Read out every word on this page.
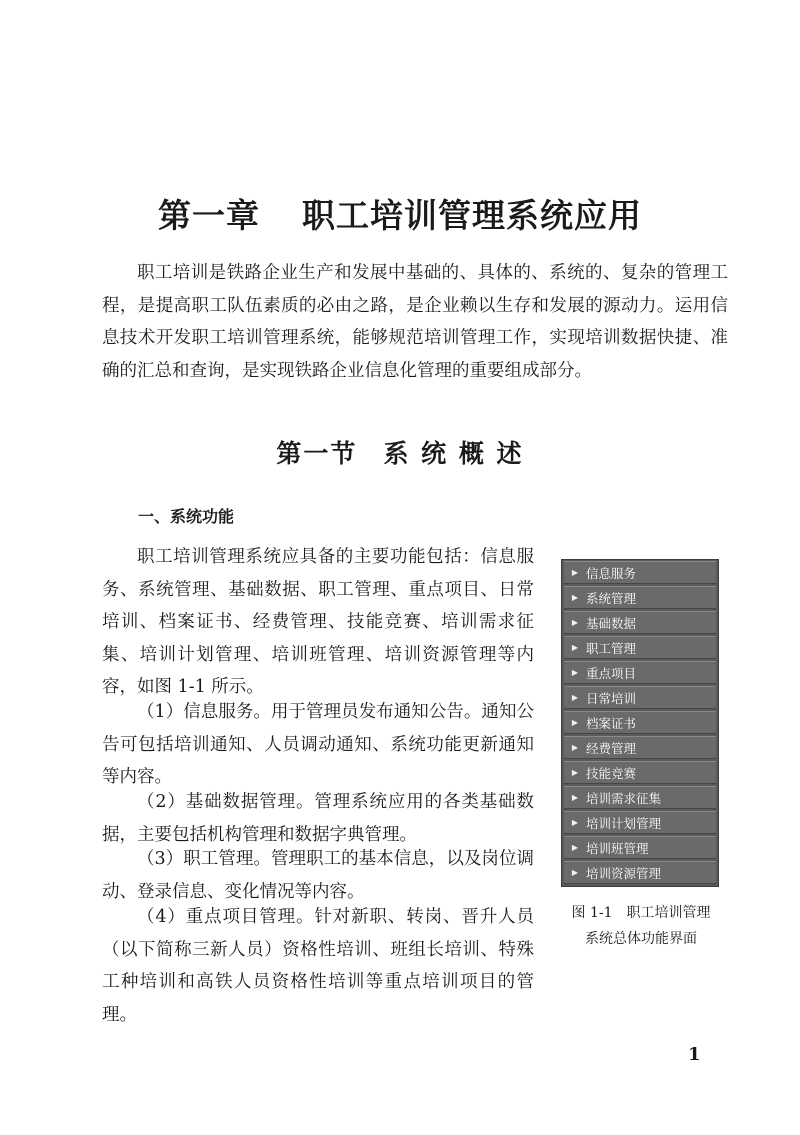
第一章 职工培训管理系统应用

职工培训是铁路企业生产和发展中基础的、具体的、系统的、复杂的管理工程，是提高职工队伍素质的必由之路，是企业赖以生存和发展的源动力。运用信息技术开发职工培训管理系统，能够规范培训管理工作，实现培训数据快捷、准确的汇总和查询，是实现铁路企业信息化管理的重要组成部分。

第一节 系 统 概 述
一、系统功能

职工培训管理系统应具备的主要功能包括：信息服务、系统管理、基础数据、职工管理、重点项目、日常培训、档案证书、经费管理、技能竞赛、培训需求征集、培训计划管理、培训班管理、培训资源管理等内容，如图 1-1 所示。

（1）信息服务。用于管理员发布通知公告。通知公告可包括培训通知、人员调动通知、系统功能更新通知等内容。

（2）基础数据管理。管理系统应用的各类基础数据，主要包括机构管理和数据字典管理。

（3）职工管理。管理职工的基本信息，以及岗位调动、登录信息、变化情况等内容。

（4）重点项目管理。针对新职、转岗、晋升人员（以下简称三新人员）资格性培训、班组长培训、特殊工种培训和高铁人员资格性培训等重点培训项目的管理。

▶ 信息服务
▶ 系统管理
▶ 基础数据
▶ 职工管理
▶ 重点项目
▶ 日常培训
▶ 档案证书
▶ 经费管理
▶ 技能竞赛
▶ 培训需求征集
▶ 培训计划管理
▶ 培训班管理
▶ 培训资源管理

图 1-1 职工培训管理
系统总体功能界面

1
